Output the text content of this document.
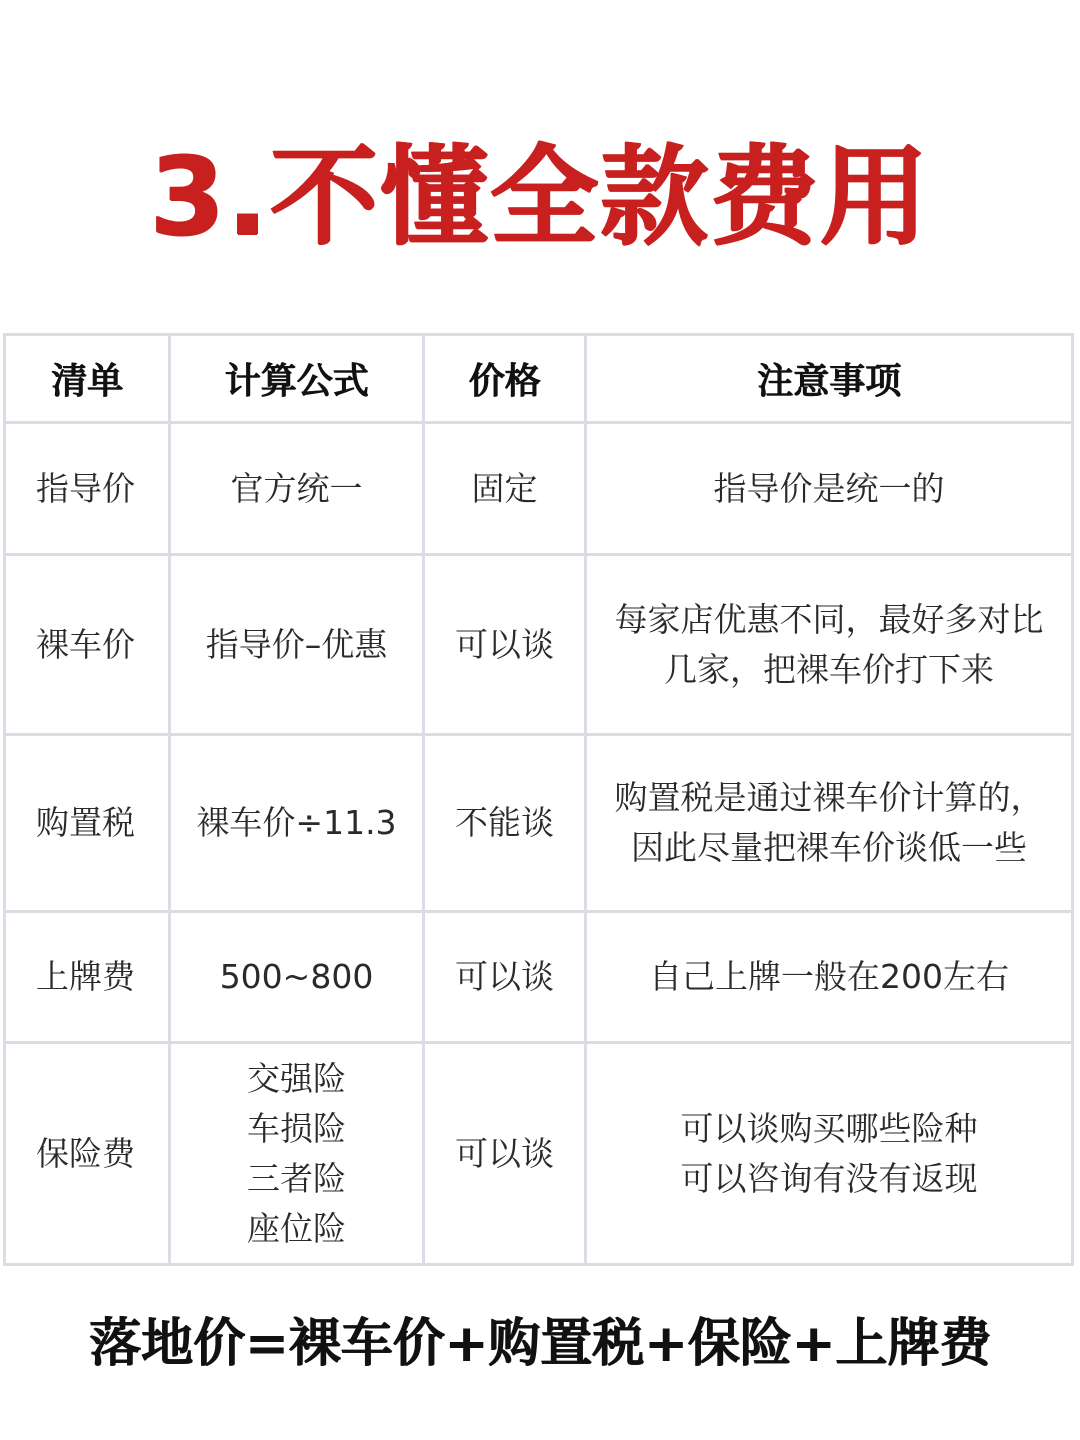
3.不懂全款费用
清单	计算公式	价格	注意事项
指导价	官方统一	固定	指导价是统一的

裸车价	指导价–优惠	可以谈	每家店优惠不同，最好多对比
几家，把裸车价打下来

购置税	裸车价÷11.3	不能谈	购置税是通过裸车价计算的，
因此尽量把裸车价谈低一些

上牌费	500~800	可以谈	自己上牌一般在200左右

保险费	交强险
车损险
三者险
座位险	可以谈	可以谈购买哪些险种
可以咨询有没有返现
落地价=裸车价+购置税+保险+上牌费
